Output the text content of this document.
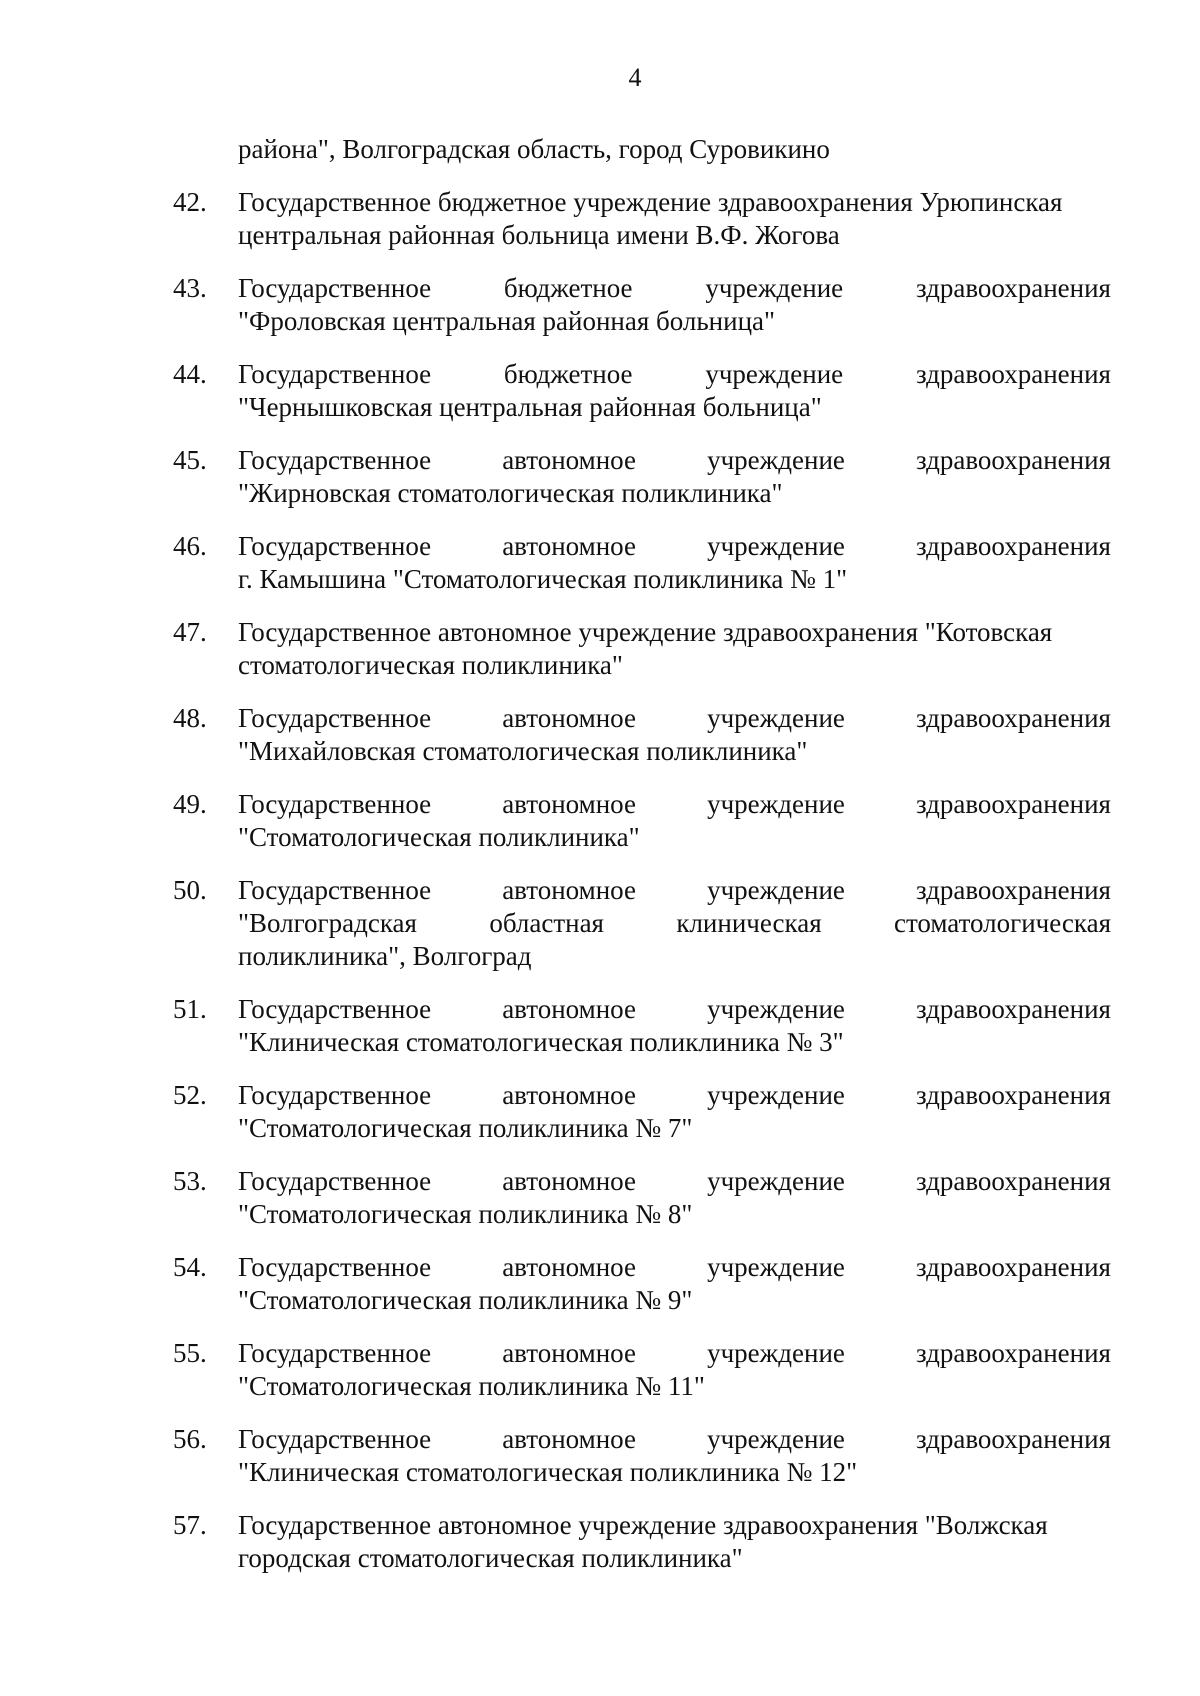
4
района", Волгоградская область, город Суровикино
42.	Государственное бюджетное учреждение здравоохранения Урюпинская
центральная районная больница имени В.Ф. Жогова
43.	Государственное	бюджетное	учреждение	здравоохранения
"Фроловская центральная районная больница"
44.	Государственное	бюджетное	учреждение	здравоохранения
"Чернышковская центральная районная больница"
45.	Государственное	автономное	учреждение	здравоохранения
"Жирновская стоматологическая поликлиника"
46.	Государственное	автономное	учреждение	здравоохранения
г. Камышина "Стоматологическая поликлиника № 1"
47.	Государственное автономное учреждение здравоохранения "Котовская
стоматологическая поликлиника"
48.	Государственное	автономное	учреждение	здравоохранения
"Михайловская стоматологическая поликлиника"
49.	Государственное	автономное	учреждение	здравоохранения
"Стоматологическая поликлиника"
50.	Государственное	автономное	учреждение	здравоохранения
"Волгоградская	областная	клиническая	стоматологическая
поликлиника", Волгоград
51.	Государственное	автономное	учреждение	здравоохранения
"Клиническая стоматологическая поликлиника № 3"
52.	Государственное	автономное	учреждение	здравоохранения
"Стоматологическая поликлиника № 7"
53.	Государственное	автономное	учреждение	здравоохранения
"Стоматологическая поликлиника № 8"
54.	Государственное	автономное	учреждение	здравоохранения
"Стоматологическая поликлиника № 9"
55.	Государственное	автономное	учреждение	здравоохранения
"Стоматологическая поликлиника № 11"
56.	Государственное	автономное	учреждение	здравоохранения
"Клиническая стоматологическая поликлиника № 12"
57.	Государственное автономное учреждение здравоохранения "Волжская
городская стоматологическая поликлиника"
